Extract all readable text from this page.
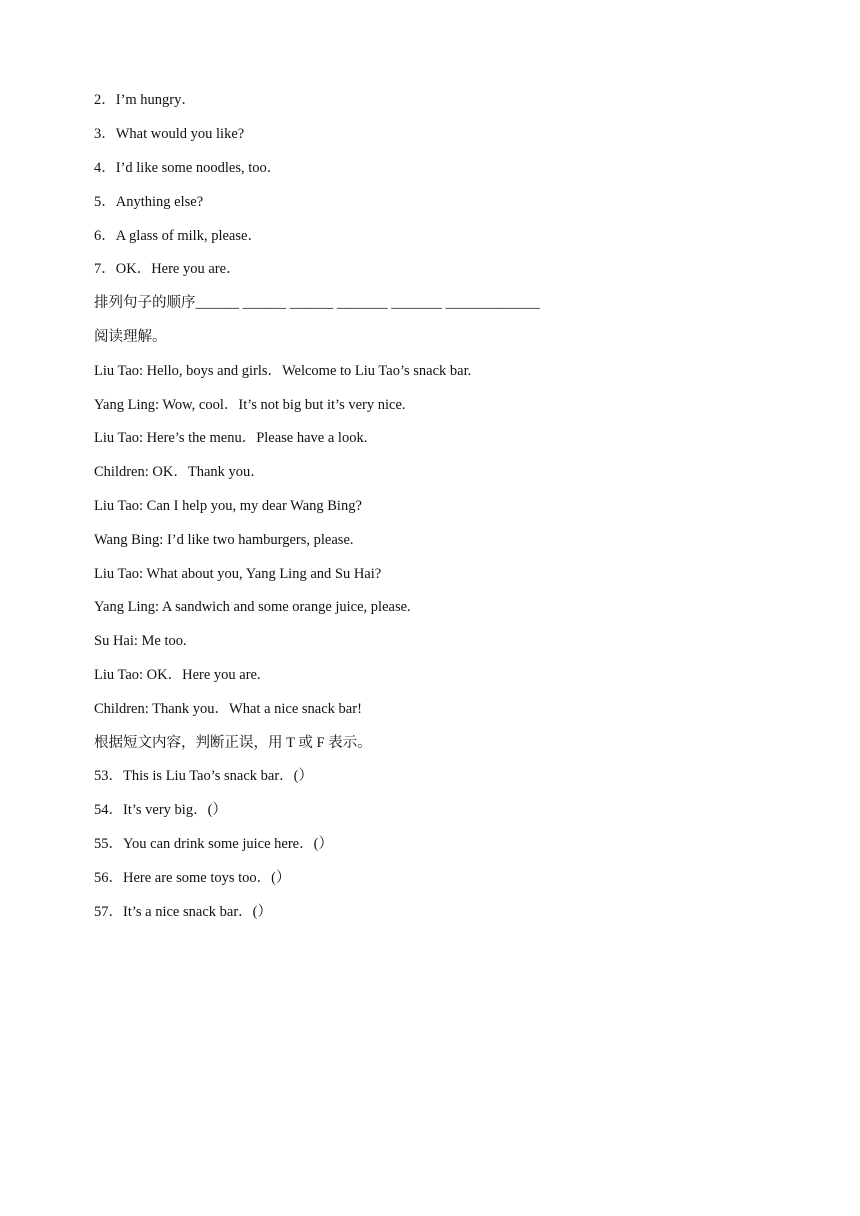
2．I’m hungry．
3．What would you like?
4．I’d like some noodles, too．
5．Anything else?
6．A glass of milk, please．
7．OK．Here you are．
排列句子的顺序______ ______ ______ _______ _______ _____________
阅读理解。
Liu Tao: Hello, boys and girls．Welcome to Liu Tao’s snack bar.
Yang Ling: Wow, cool．It’s not big but it’s very nice.
Liu Tao: Here’s the menu．Please have a look.
Children: OK．Thank you．
Liu Tao: Can I help you, my dear Wang Bing?
Wang Bing: I’d like two hamburgers, please.
Liu Tao: What about you, Yang Ling and Su Hai?
Yang Ling: A sandwich and some orange juice, please.
Su Hai: Me too.
Liu Tao: OK．Here you are.
Children: Thank you．What a nice snack bar!
根据短文内容，判断正误，用 T 或 F 表示。
53．This is Liu Tao’s snack bar．(）
54．It’s very big．(）
55．You can drink some juice here．(）
56．Here are some toys too．(）
57．It’s a nice snack bar．(）
